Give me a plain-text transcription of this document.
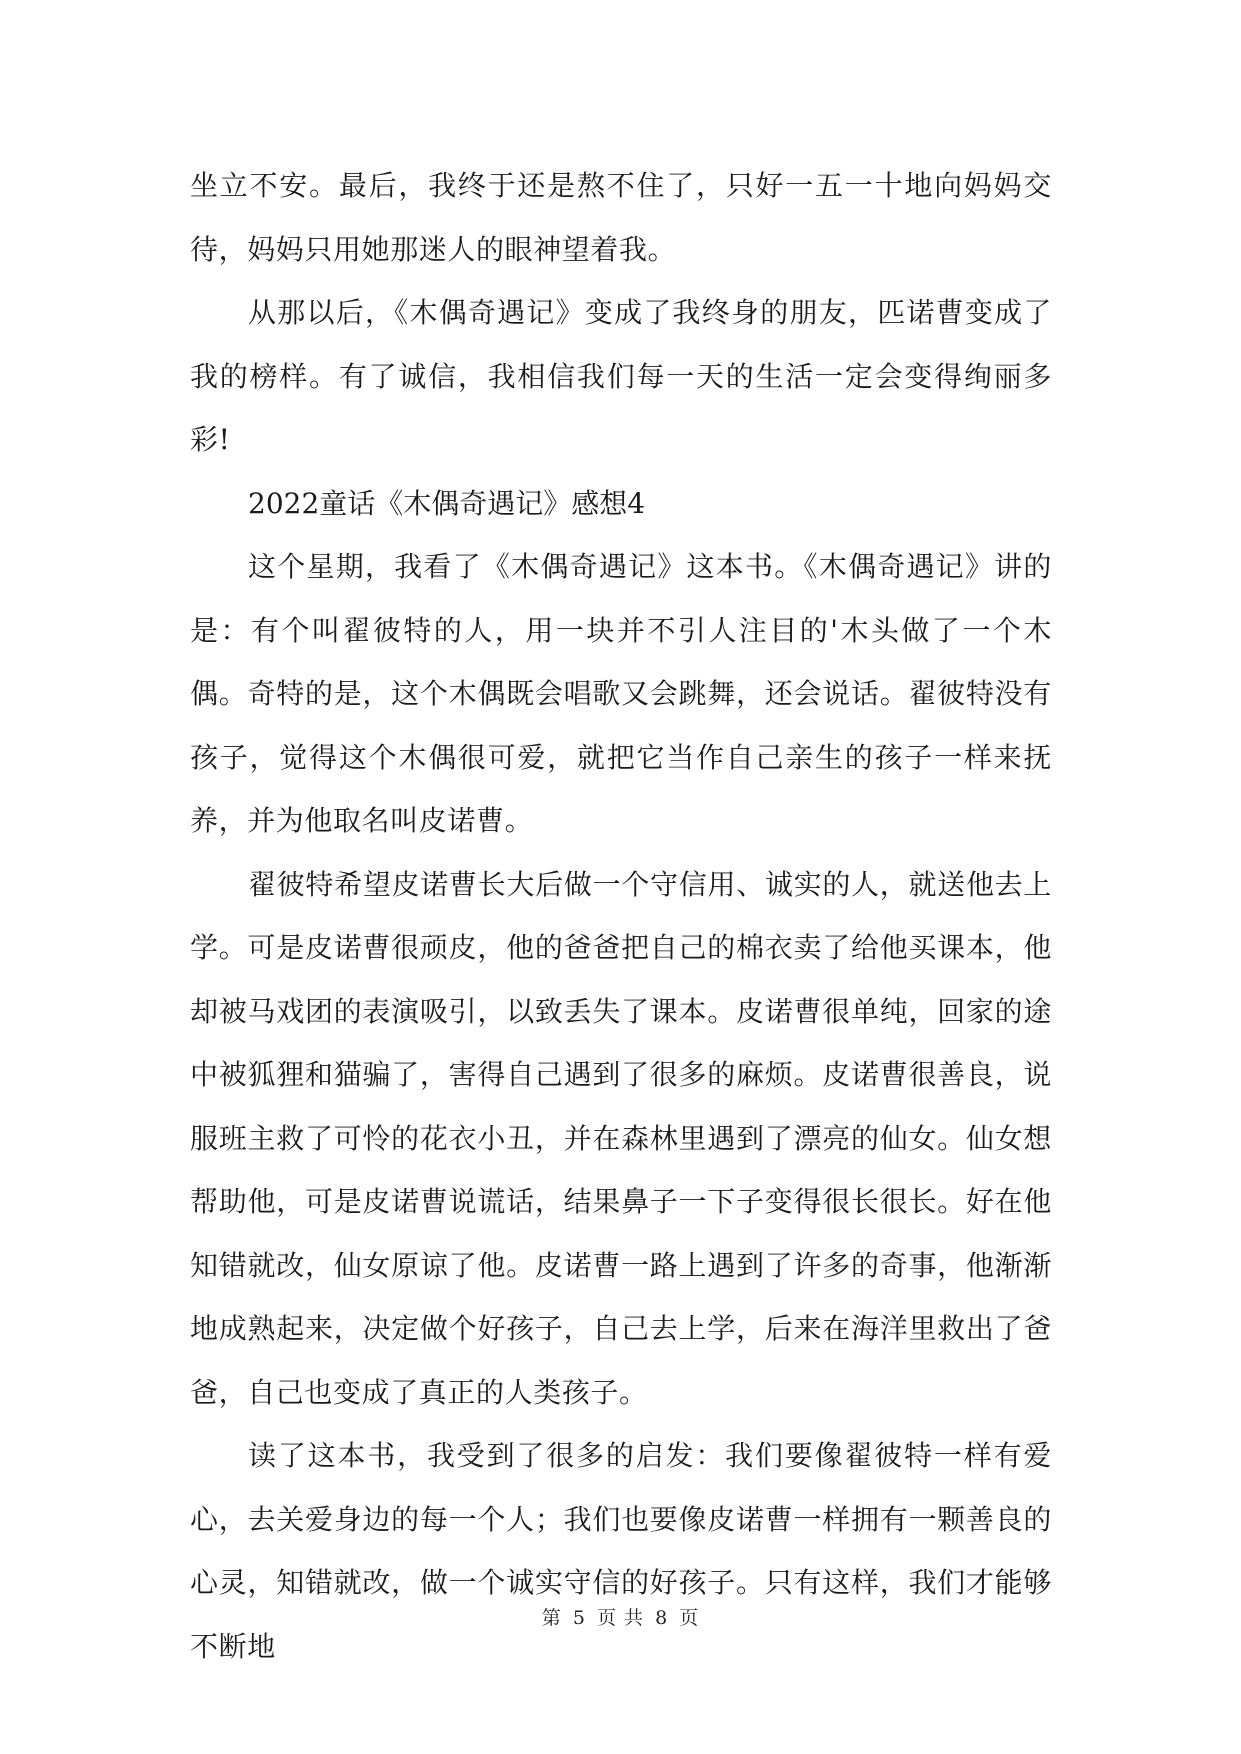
坐立不安。最后，我终于还是熬不住了，只好一五一十地向妈妈交待，妈妈只用她那迷人的眼神望着我。

从那以后，《木偶奇遇记》变成了我终身的朋友，匹诺曹变成了我的榜样。有了诚信，我相信我们每一天的生活一定会变得绚丽多彩!

2022童话《木偶奇遇记》感想4

这个星期，我看了《木偶奇遇记》这本书。《木偶奇遇记》讲的是：有个叫翟彼特的人，用一块并不引人注目的'木头做了一个木偶。奇特的是，这个木偶既会唱歌又会跳舞，还会说话。翟彼特没有孩子，觉得这个木偶很可爱，就把它当作自己亲生的孩子一样来抚养，并为他取名叫皮诺曹。

翟彼特希望皮诺曹长大后做一个守信用、诚实的人，就送他去上学。可是皮诺曹很顽皮，他的爸爸把自己的棉衣卖了给他买课本，他却被马戏团的表演吸引，以致丢失了课本。皮诺曹很单纯，回家的途中被狐狸和猫骗了，害得自己遇到了很多的麻烦。皮诺曹很善良，说服班主救了可怜的花衣小丑，并在森林里遇到了漂亮的仙女。仙女想帮助他，可是皮诺曹说谎话，结果鼻子一下子变得很长很长。好在他知错就改，仙女原谅了他。皮诺曹一路上遇到了许多的奇事，他渐渐地成熟起来，决定做个好孩子，自己去上学，后来在海洋里救出了爸爸，自己也变成了真正的人类孩子。

读了这本书，我受到了很多的启发：我们要像翟彼特一样有爱心，去关爱身边的每一个人；我们也要像皮诺曹一样拥有一颗善良的心灵，知错就改，做一个诚实守信的好孩子。只有这样，我们才能够不断地

第 5 页 共 8 页
